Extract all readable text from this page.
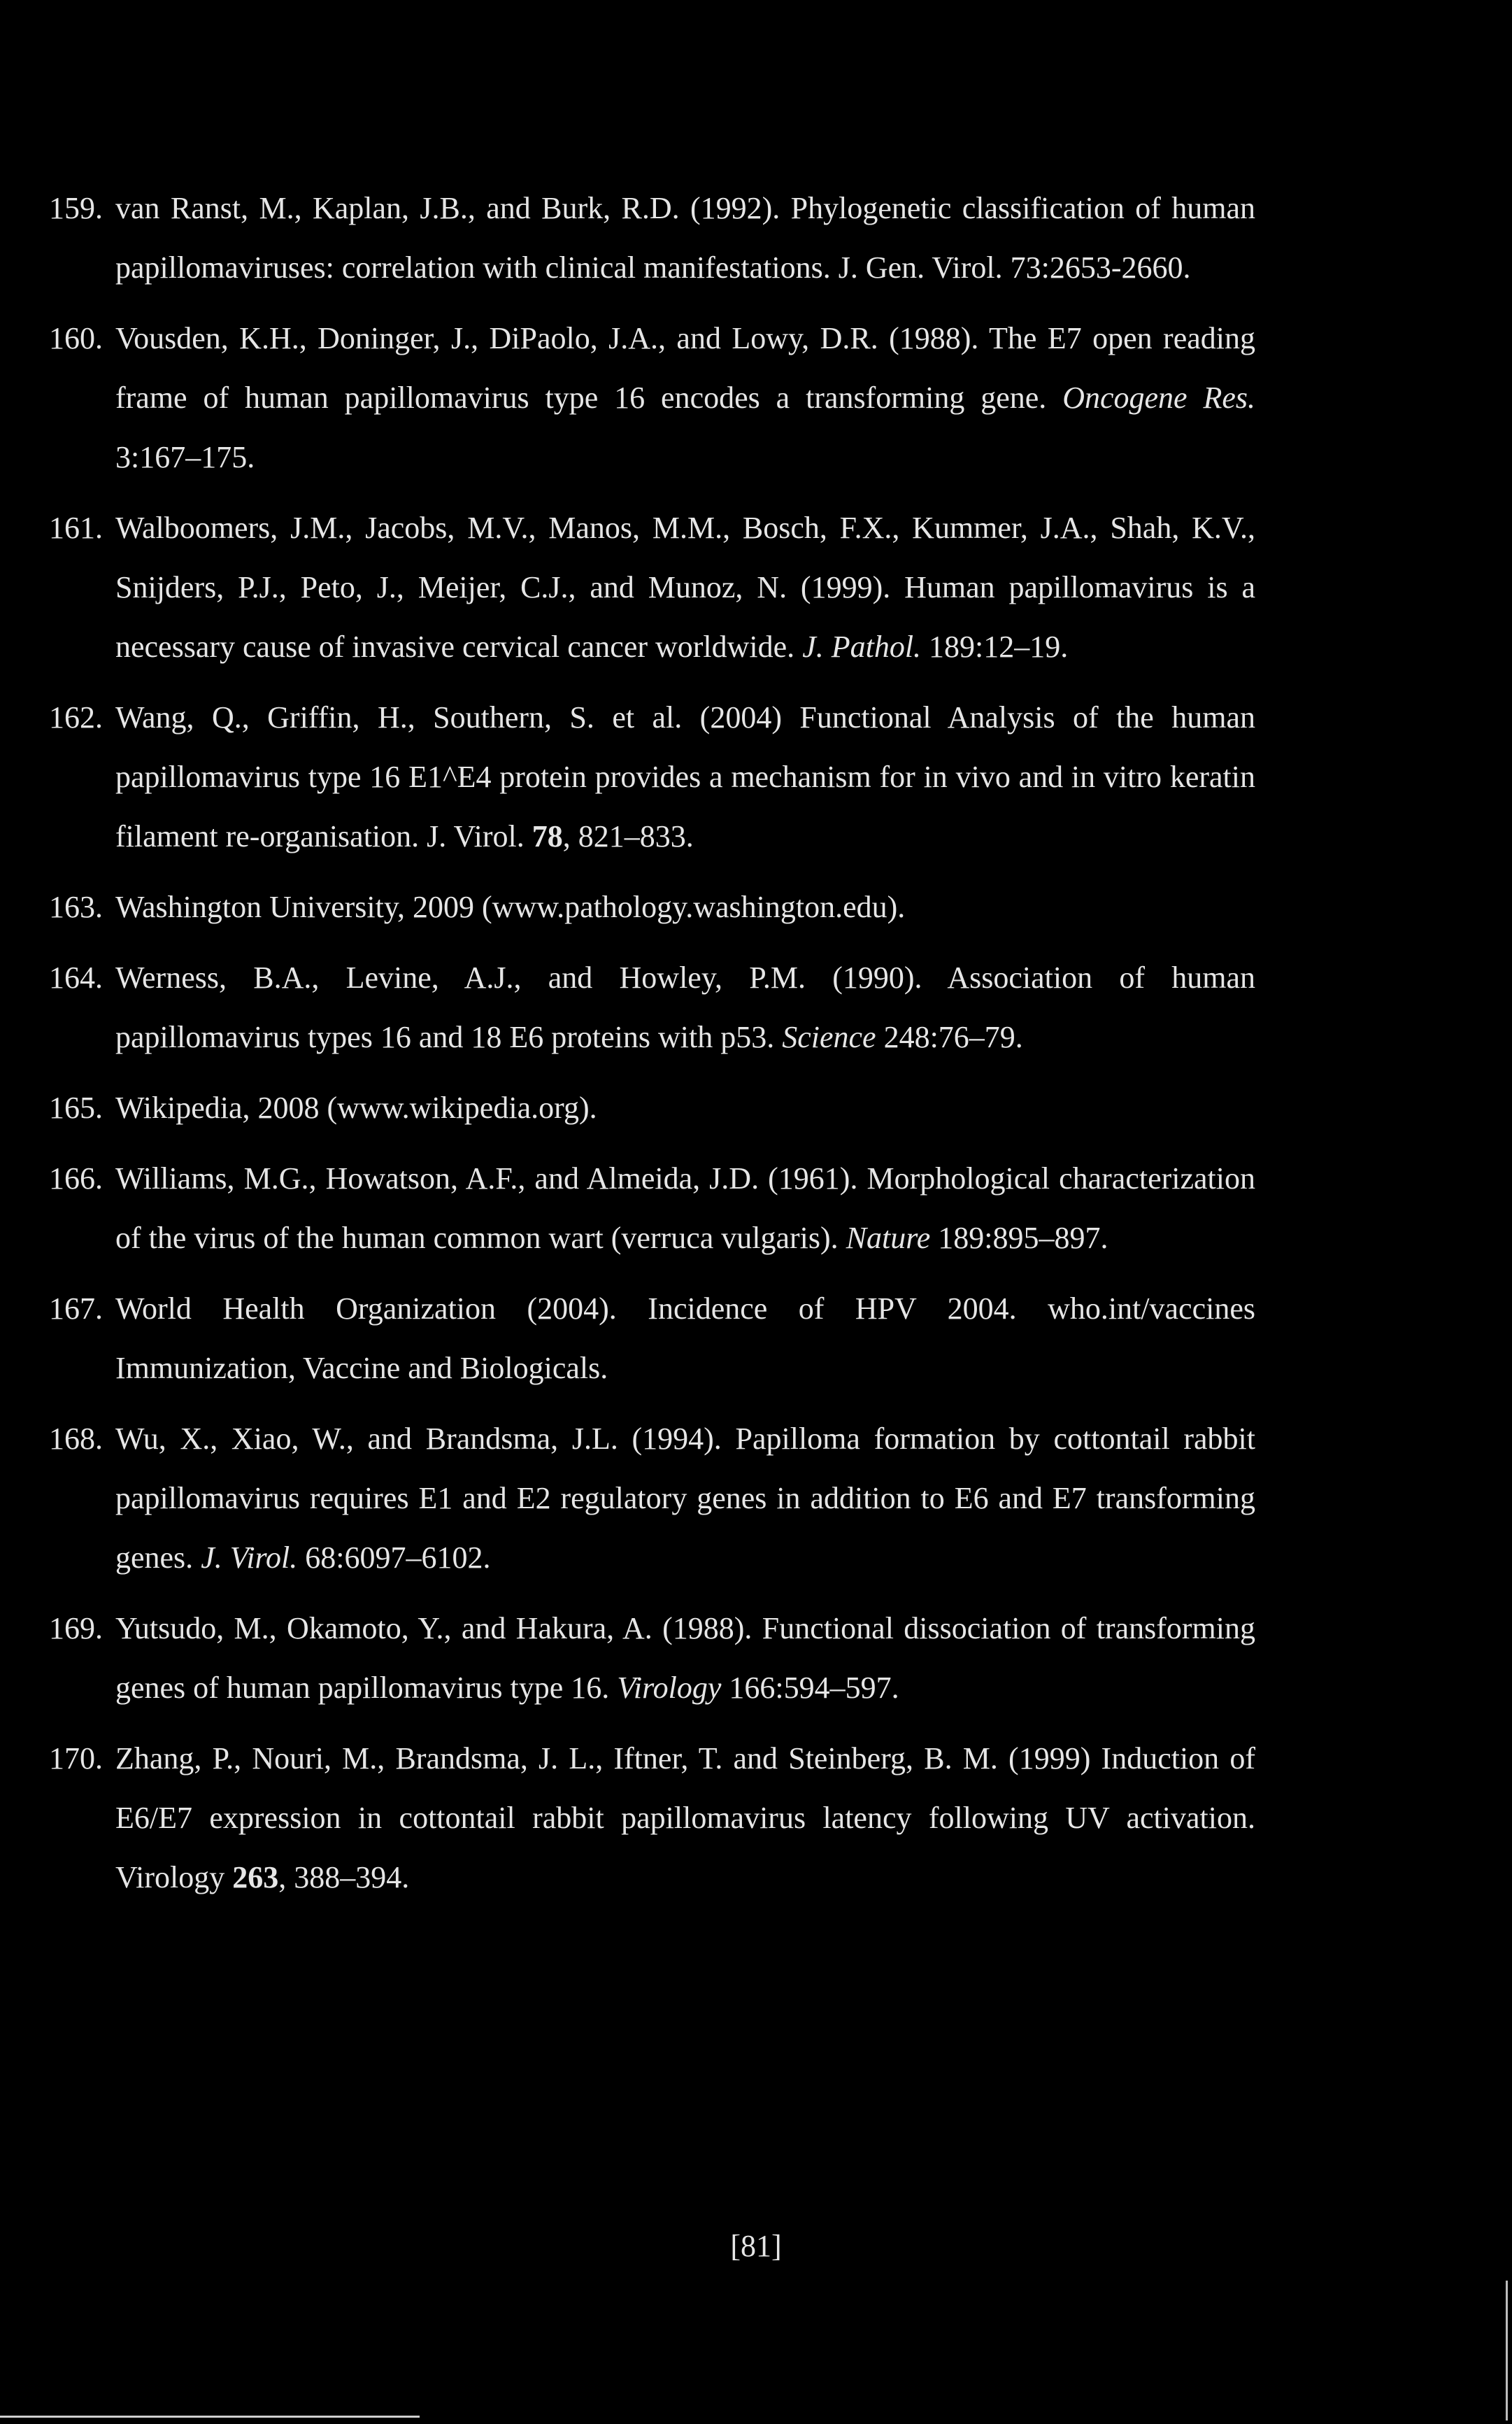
159. van Ranst, M., Kaplan, J.B., and Burk, R.D. (1992). Phylogenetic classification of human papillomaviruses: correlation with clinical manifestations. J. Gen. Virol. 73:2653-2660.
160. Vousden, K.H., Doninger, J., DiPaolo, J.A., and Lowy, D.R. (1988). The E7 open reading frame of human papillomavirus type 16 encodes a transforming gene. Oncogene Res. 3:167–175.
161. Walboomers, J.M., Jacobs, M.V., Manos, M.M., Bosch, F.X., Kummer, J.A., Shah, K.V., Snijders, P.J., Peto, J., Meijer, C.J., and Munoz, N. (1999). Human papillomavirus is a necessary cause of invasive cervical cancer worldwide. J. Pathol. 189:12–19.
162. Wang, Q., Griffin, H., Southern, S. et al. (2004) Functional Analysis of the human papillomavirus type 16 E1^E4 protein provides a mechanism for in vivo and in vitro keratin filament re-organisation. J. Virol. 78, 821–833.
163. Washington University, 2009 (www.pathology.washington.edu).
164. Werness, B.A., Levine, A.J., and Howley, P.M. (1990). Association of human papillomavirus types 16 and 18 E6 proteins with p53. Science 248:76–79.
165. Wikipedia, 2008 (www.wikipedia.org).
166. Williams, M.G., Howatson, A.F., and Almeida, J.D. (1961). Morphological characterization of the virus of the human common wart (verruca vulgaris). Nature 189:895–897.
167. World Health Organization (2004). Incidence of HPV 2004. who.int/vaccines Immunization, Vaccine and Biologicals.
168. Wu, X., Xiao, W., and Brandsma, J.L. (1994). Papilloma formation by cottontail rabbit papillomavirus requires E1 and E2 regulatory genes in addition to E6 and E7 transforming genes. J. Virol. 68:6097–6102.
169. Yutsudo, M., Okamoto, Y., and Hakura, A. (1988). Functional dissociation of transforming genes of human papillomavirus type 16. Virology 166:594–597.
170. Zhang, P., Nouri, M., Brandsma, J. L., Iftner, T. and Steinberg, B. M. (1999) Induction of E6/E7 expression in cottontail rabbit papillomavirus latency following UV activation. Virology 263, 388–394.
[81]
